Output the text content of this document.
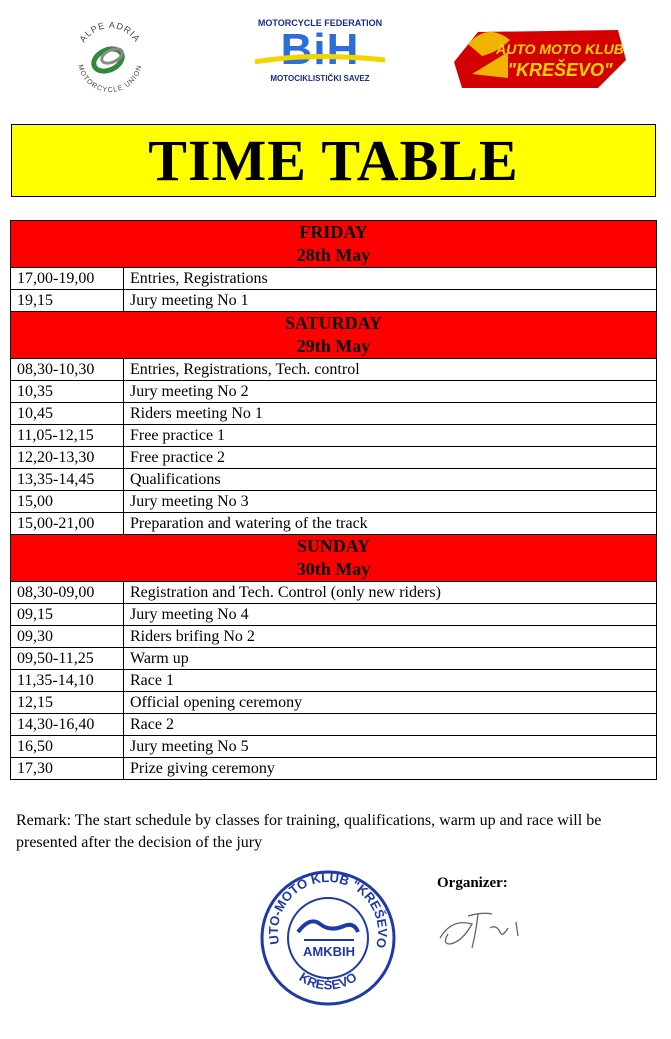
ALPE ADRIA
MOTORCYCLE UNION
MOTORCYCLE FEDERATION
BiH
MOTOCIKLISTIČKI SAVEZ
AUTO MOTO KLUB
"KREŠEVO"
TIME TABLE
FRIDAY
28th May	

17,00-19,00	Entries, Registrations
19,15	Jury meeting No 1

SATURDAY
29th May	

08,30-10,30	Entries, Registrations, Tech. control
10,35	Jury meeting No 2
10,45	Riders meeting No 1
11,05-12,15	Free practice 1
12,20-13,30	Free practice 2
13,35-14,45	Qualifications
15,00	Jury meeting No 3
15,00-21,00	Preparation and watering of the track

SUNDAY
30th May	

08,30-09,00	Registration and Tech. Control (only new riders)
09,15	Jury meeting No 4
09,30	Riders brifing No 2
09,50-11,25	Warm up
11,35-14,10	Race 1
12,15	Official opening ceremony
14,30-16,40	Race 2
16,50	Jury meeting No 5
17,30	Prize giving ceremony
Remark: The start schedule by classes for training, qualifications, warm up and race will be presented after the decision of the jury
UTO-MOTO KLUB "KREŠEVO
KREŠEVO
AMKBIH
Organizer:
